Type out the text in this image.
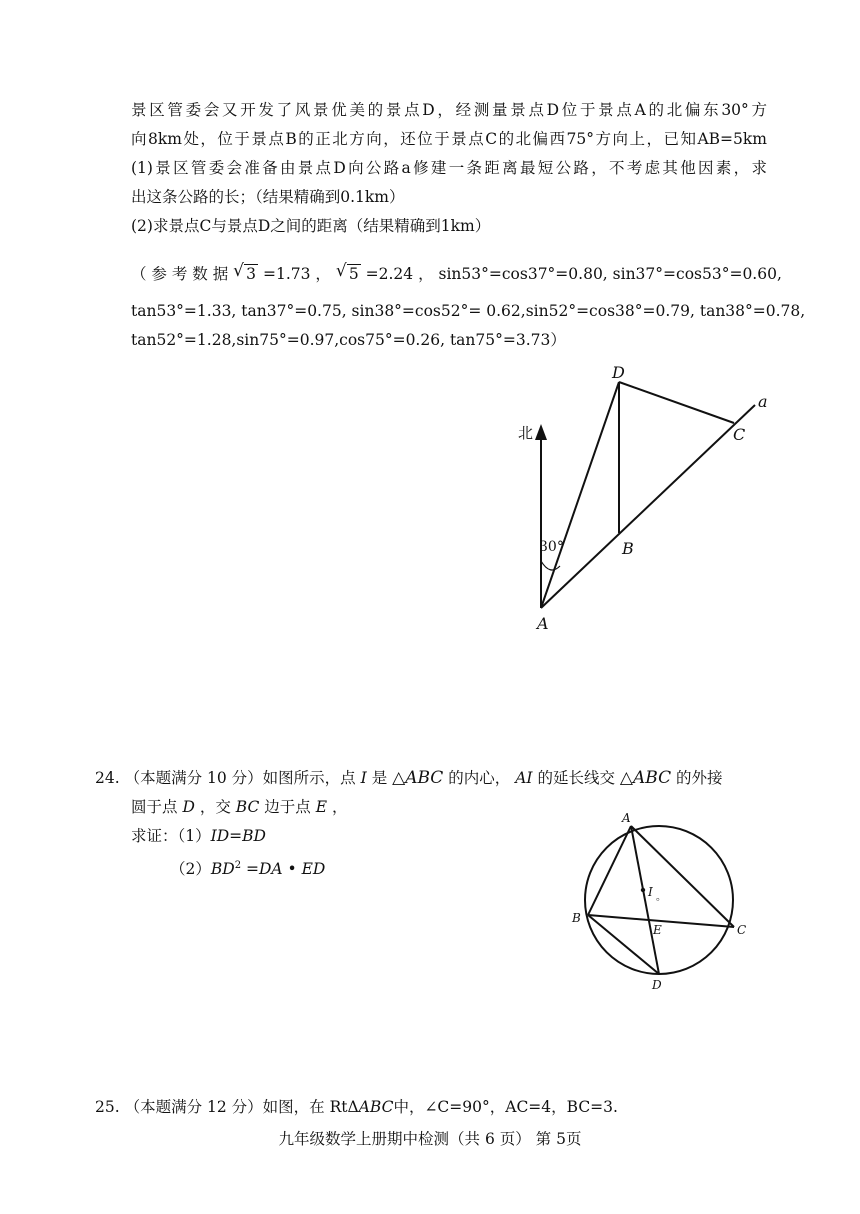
景区管委会又开发了风景优美的景点D，经测量景点D位于景点A的北偏东30°方
向8km处，位于景点B的正北方向，还位于景点C的北偏西75°方向上，已知AB=5km
(1)景区管委会准备由景点D向公路a修建一条距离最短公路，不考虑其他因素，求
出这条公路的长；（结果精确到0.1km）
(2)求景点C与景点D之间的距离（结果精确到1km）
（ 参 考 数 据 √ 3 =1.73 ， √ 5 =2.24 ， sin53°=cos37°=0.80, sin37°=cos53°=0.60,
tan53°=1.33, tan37°=0.75, sin38°=cos52°= 0.62,sin52°=cos38°=0.79, tan38°=0.78,
tan52°=1.28,sin75°=0.97,cos75°=0.26, tan75°=3.73）
北
30°
D
C
B
A
a
24. （本题满分 10 分）如图所示，点 I 是 △ABC 的内心， AI 的延长线交 △ABC 的外接
圆于点 D ，交 BC 边于点 E ，
求证：（1）ID=BD
$(2)BD^2 =DA$ • ED
A
B
C
D
E
I 。
25. （本题满分 12 分）如图，在 RtΔABC中，∠C=90°，AC=4，BC=3.
九年级数学上册期中检测（共 6 页） 第 5页
